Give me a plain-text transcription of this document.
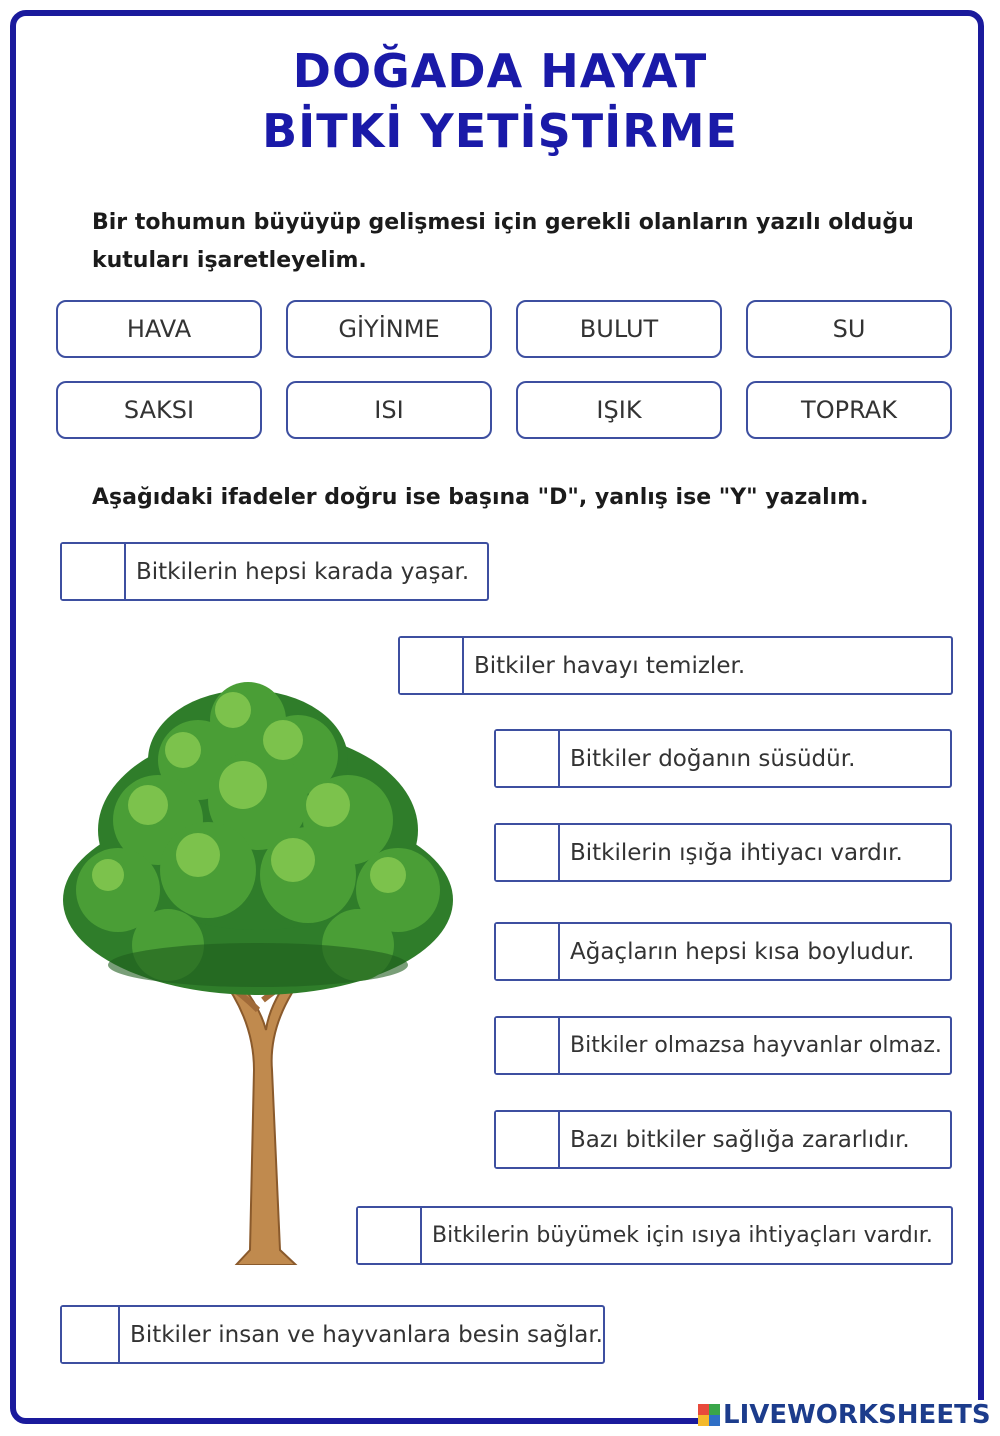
DOĞADA HAYAT
BİTKİ YETİŞTİRME
Bir tohumun büyüyüp gelişmesi için gerekli olanların yazılı olduğu kutuları işaretleyelim.
HAVA	GİYİNME	BULUT	SU
SAKSI	ISI	IŞIK	TOPRAK
Aşağıdaki ifadeler doğru ise başına "D", yanlış ise "Y" yazalım.
Bitkilerin hepsi karada yaşar.
Bitkiler havayı temizler.
Bitkiler doğanın süsüdür.
Bitkilerin ışığa ihtiyacı vardır.
Ağaçların hepsi kısa boyludur.
Bitkiler olmazsa hayvanlar olmaz.
Bazı bitkiler sağlığa zararlıdır.
Bitkilerin büyümek için ısıya ihtiyaçları vardır.
Bitkiler insan ve hayvanlara besin sağlar.
LIVEWORKSHEETS
